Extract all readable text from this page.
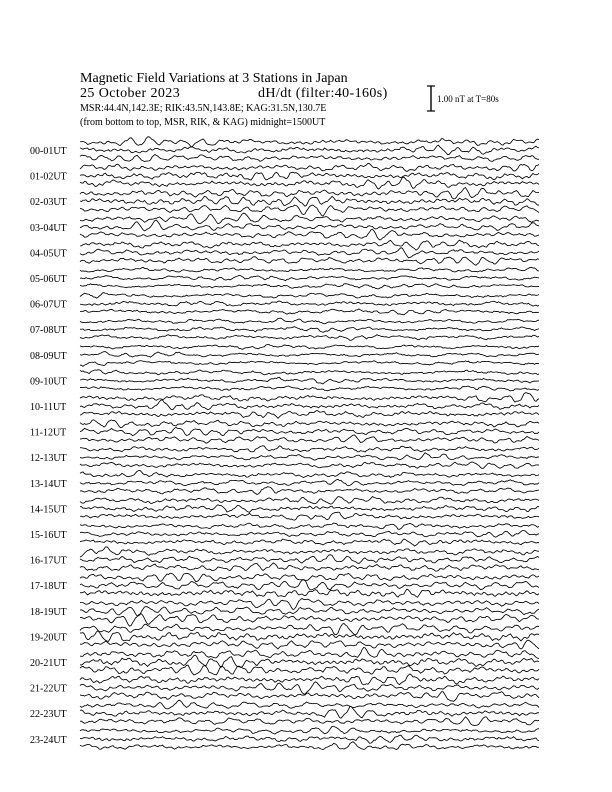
Magnetic Field Variations at 3 Stations in Japan
25 October 2023	dH/dt (filter:40-160s)
MSR:44.4N,142.3E; RIK:43.5N,143.8E; KAG:31.5N,130.7E
(from bottom to top, MSR, RIK, & KAG) midnight=1500UT
1.00 nT at T=80s
00-01UT
01-02UT
02-03UT
03-04UT
04-05UT
05-06UT
06-07UT
07-08UT
08-09UT
09-10UT
10-11UT
11-12UT
12-13UT
13-14UT
14-15UT
15-16UT
16-17UT
17-18UT
18-19UT
19-20UT
20-21UT
21-22UT
22-23UT
23-24UT
